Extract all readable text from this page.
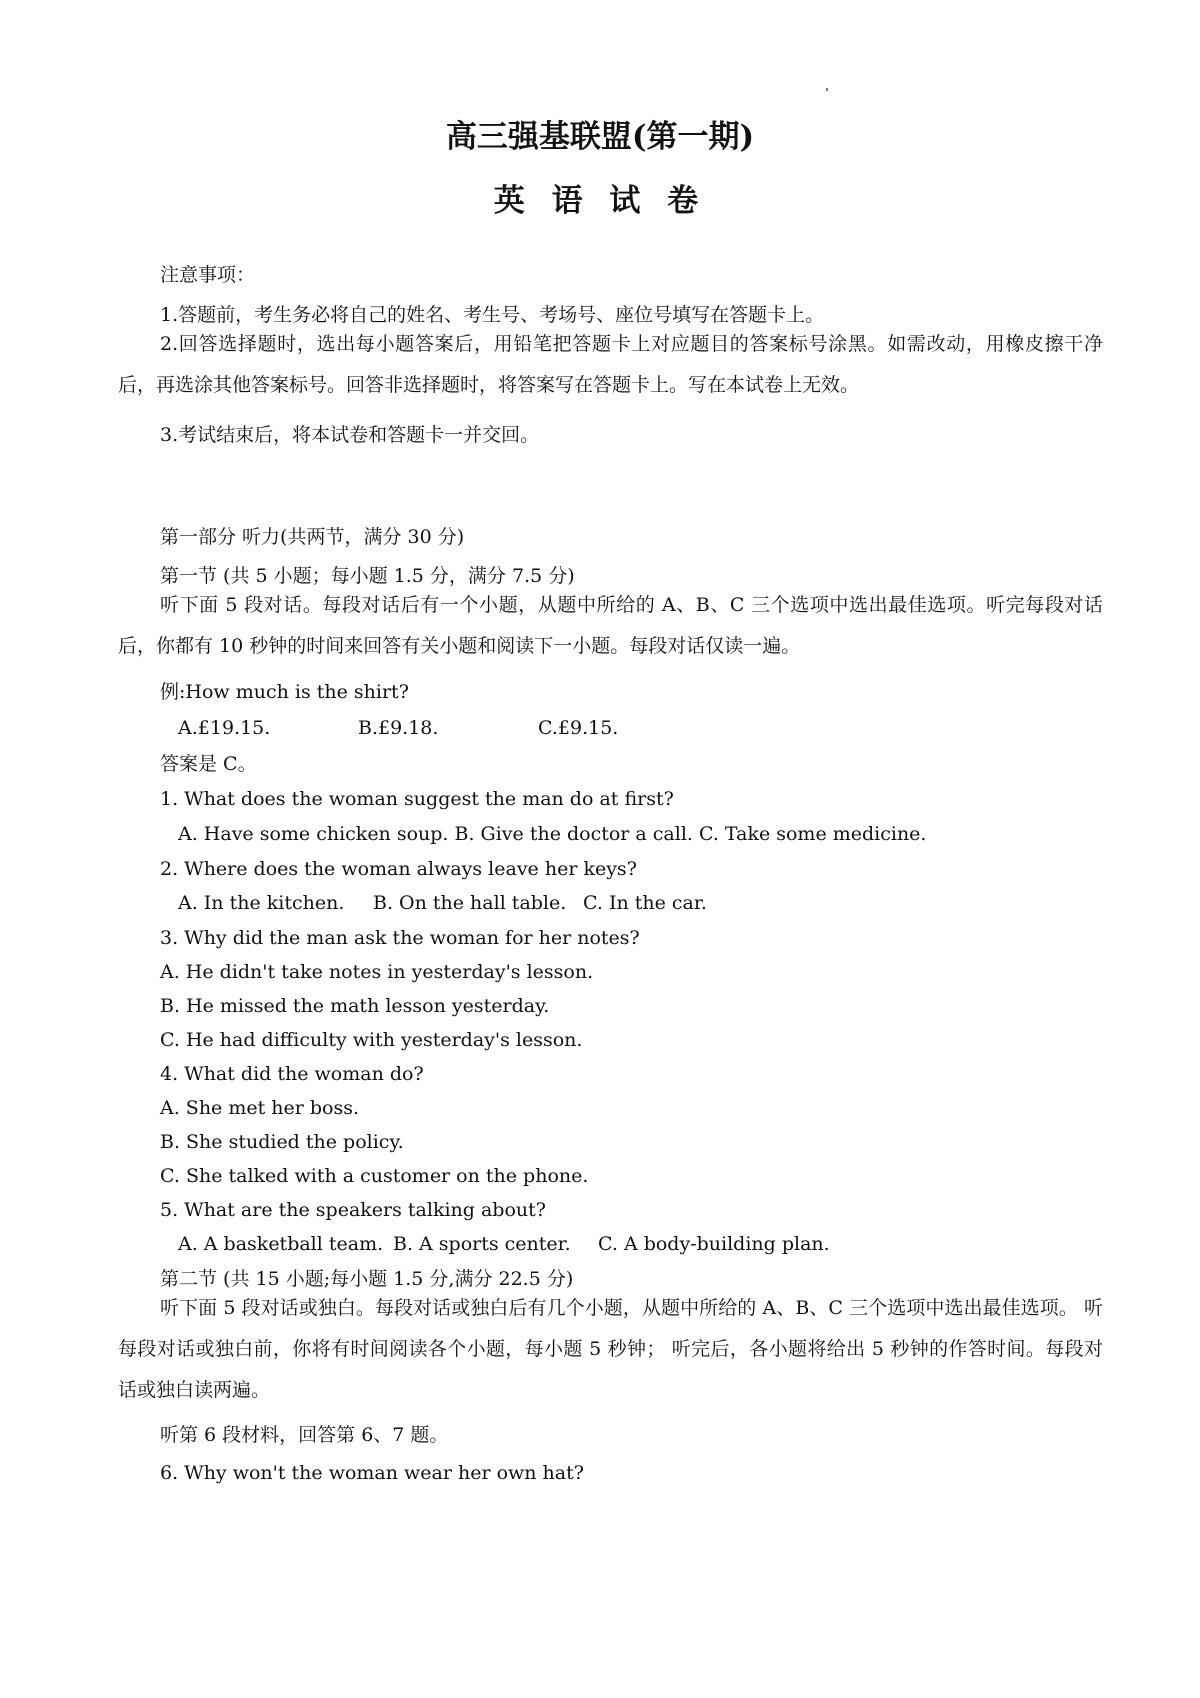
高三强基联盟(第一期)
英 语 试 卷
注意事项：
1.答题前，考生务必将自己的姓名、考生号、考场号、座位号填写在答题卡上。
2.回答选择题时，选出每小题答案后，用铅笔把答题卡上对应题目的答案标号涂黑。如需改动，用橡皮擦干净后，再选涂其他答案标号。回答非选择题时，将答案写在答题卡上。写在本试卷上无效。
3.考试结束后，将本试卷和答题卡一并交回。
第一部分 听力(共两节，满分 30 分)
第一节 (共 5 小题；每小题 1.5 分，满分 7.5 分)
听下面 5 段对话。每段对话后有一个小题，从题中所给的 A、B、C 三个选项中选出最佳选项。听完每段对话后，你都有 10 秒钟的时间来回答有关小题和阅读下一小题。每段对话仅读一遍。
例:How much is the shirt?
A.£19.15.	B.£9.18.	C.£9.15.
答案是 C。
1. What does the woman suggest the man do at first?
A. Have some chicken soup. B. Give the doctor a call. C. Take some medicine.
2. Where does the woman always leave her keys?
A. In the kitchen. B. On the hall table. C. In the car.
3. Why did the man ask the woman for her notes?
A. He didn't take notes in yesterday's lesson.
B. He missed the math lesson yesterday.
C. He had difficulty with yesterday's lesson.
4. What did the woman do?
A. She met her boss.
B. She studied the policy.
C. She talked with a customer on the phone.
5. What are the speakers talking about?
A. A basketball team. B. A sports center. C. A body-building plan.
第二节 (共 15 小题;每小题 1.5 分,满分 22.5 分)
听下面 5 段对话或独白。每段对话或独白后有几个小题，从题中所给的 A、B、C 三个选项中选出最佳选项。 听每段对话或独白前，你将有时间阅读各个小题，每小题 5 秒钟； 听完后，各小题将给出 5 秒钟的作答时间。每段对话或独白读两遍。
听第 6 段材料，回答第 6、7 题。
6. Why won't the woman wear her own hat?
